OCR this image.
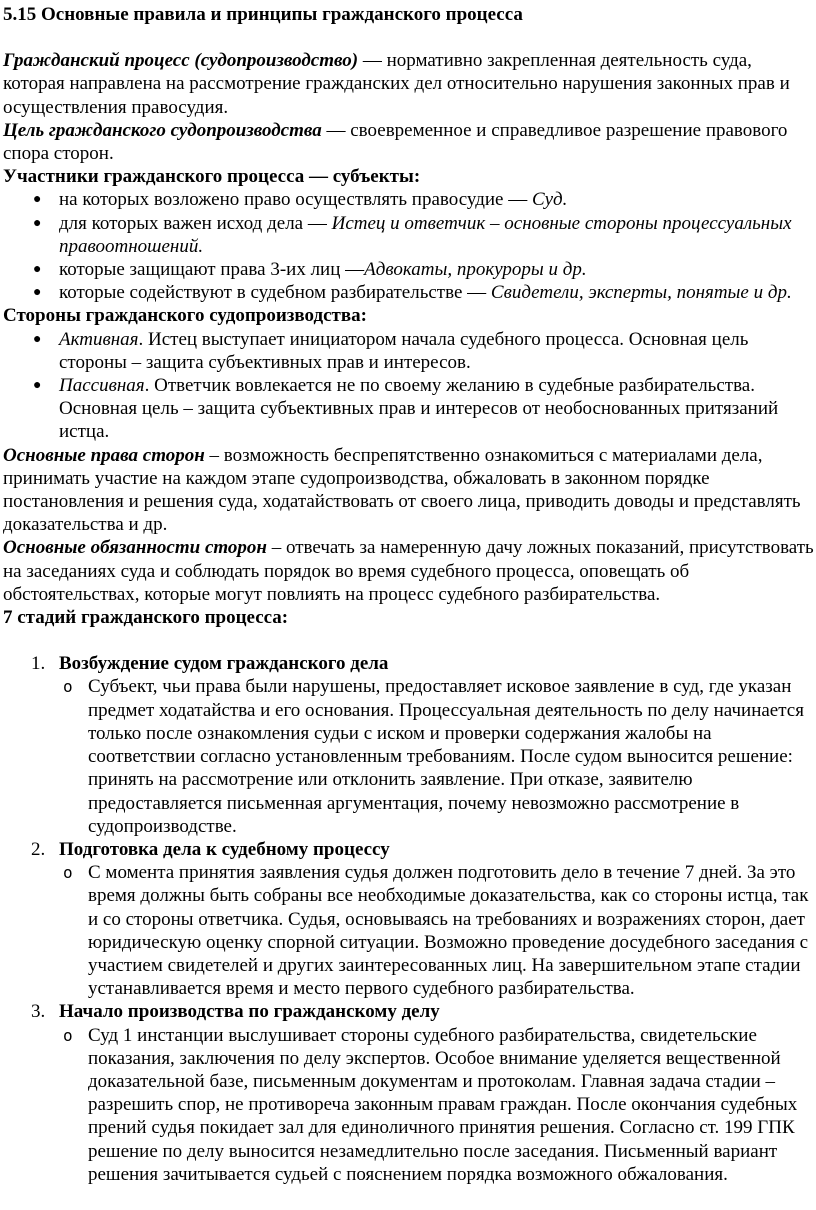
5.15 Основные правила и принципы гражданского процесса

Гражданский процесс (судопроизводство) — нормативно закрепленная деятельность суда, которая направлена на рассмотрение гражданских дел относительно нарушения законных прав и осуществления правосудия.

Цель гражданского судопроизводства — своевременное и справедливое разрешение правового спора сторон.

Участники гражданского процесса — субъекты:

● на которых возложено право осуществлять правосудие — Суд.
● для которых важен исход дела — Истец и ответчик – основные стороны процессуальных правоотношений.
● которые защищают права 3-их лиц —Адвокаты, прокуроры и др.
● которые содействуют в судебном разбирательстве — Свидетели, эксперты, понятые и др.

Стороны гражданского судопроизводства:

● Активная. Истец выступает инициатором начала судебного процесса. Основная цель стороны – защита субъективных прав и интересов.
● Пассивная. Ответчик вовлекается не по своему желанию в судебные разбирательства. Основная цель – защита субъективных прав и интересов от необоснованных притязаний истца.

Основные права сторон – возможность беспрепятственно ознакомиться с материалами дела, принимать участие на каждом этапе судопроизводства, обжаловать в законном порядке постановления и решения суда, ходатайствовать от своего лица, приводить доводы и представлять доказательства и др.

Основные обязанности сторон – отвечать за намеренную дачу ложных показаний, присутствовать на заседаниях суда и соблюдать порядок во время судебного процесса, оповещать об обстоятельствах, которые могут повлиять на процесс судебного разбирательства.

7 стадий гражданского процесса:

1. Возбуждение судом гражданского дела
o Субъект, чьи права были нарушены, предоставляет исковое заявление в суд, где указан предмет ходатайства и его основания. Процессуальная деятельность по делу начинается только после ознакомления судьи с иском и проверки содержания жалобы на соответствии согласно установленным требованиям. После судом выносится решение: принять на рассмотрение или отклонить заявление. При отказе, заявителю предоставляется письменная аргументация, почему невозможно рассмотрение в судопроизводстве.
2. Подготовка дела к судебному процессу
o С момента принятия заявления судья должен подготовить дело в течение 7 дней. За это время должны быть собраны все необходимые доказательства, как со стороны истца, так и со стороны ответчика. Судья, основываясь на требованиях и возражениях сторон, дает юридическую оценку спорной ситуации. Возможно проведение досудебного заседания с участием свидетелей и других заинтересованных лиц. На завершительном этапе стадии устанавливается время и место первого судебного разбирательства.
3. Начало производства по гражданскому делу
o Суд 1 инстанции выслушивает стороны судебного разбирательства, свидетельские показания, заключения по делу экспертов. Особое внимание уделяется вещественной доказательной базе, письменным документам и протоколам. Главная задача стадии – разрешить спор, не противореча законным правам граждан. После окончания судебных прений судья покидает зал для единоличного принятия решения. Согласно ст. 199 ГПК решение по делу выносится незамедлительно после заседания. Письменный вариант решения зачитывается судьей с пояснением порядка возможного обжалования.
